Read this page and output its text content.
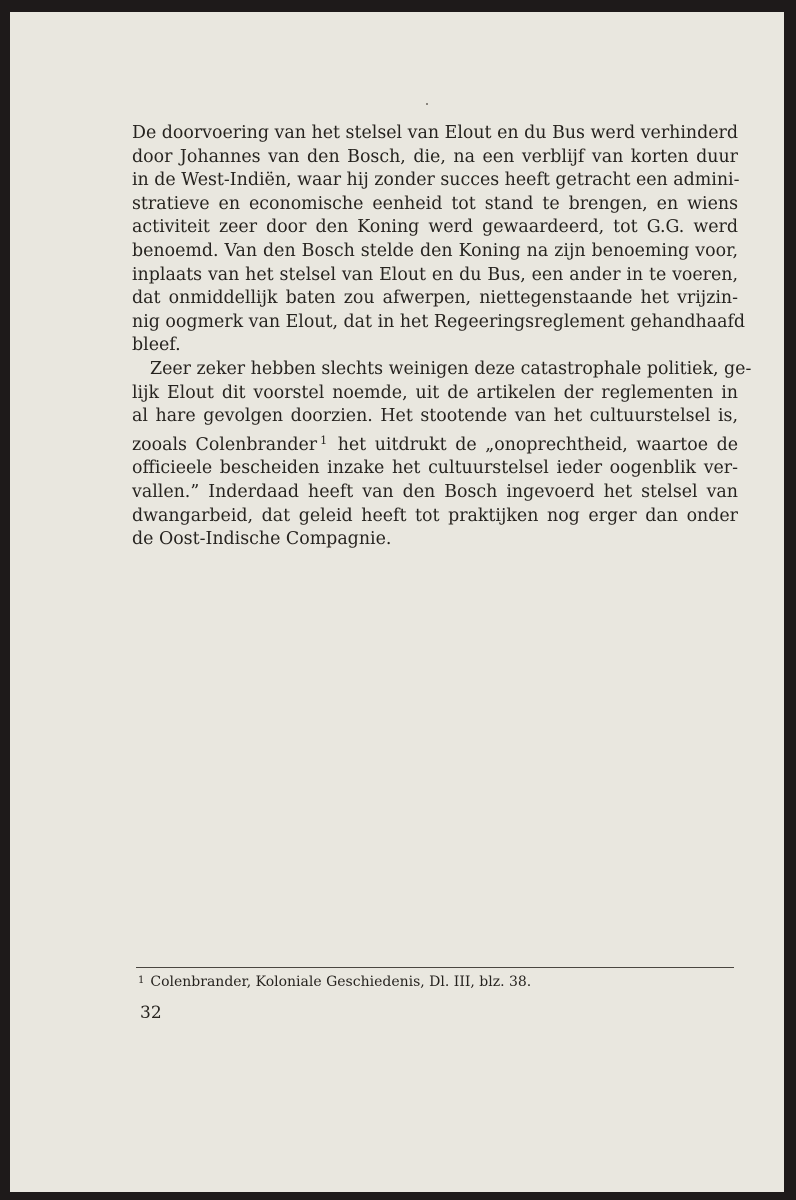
De doorvoering van het stelsel van Elout en du Bus werd verhinderd
door Johannes van den Bosch, die, na een verblijf van korten duur
in de West‑Indiën, waar hij zonder succes heeft getracht een admini‑
stratieve en economische eenheid tot stand te brengen, en wiens
activiteit zeer door den Koning werd gewaardeerd, tot G.G. werd
benoemd. Van den Bosch stelde den Koning na zijn benoeming voor,
inplaats van het stelsel van Elout en du Bus, een ander in te voeren,
dat onmiddellijk baten zou afwerpen, niettegenstaande het vrijzin‑
nig oogmerk van Elout, dat in het Regeeringsreglement gehandhaafd
bleef.
Zeer zeker hebben slechts weinigen deze catastrophale politiek, ge‑
lijk Elout dit voorstel noemde, uit de artikelen der reglementen in
al hare gevolgen doorzien. Het stootende van het cultuurstelsel is,
zooals Colenbrander $^1$ het uitdrukt de „onoprechtheid, waartoe de
officieele bescheiden inzake het cultuurstelsel ieder oogenblik ver‑
vallen.” Inderdaad heeft van den Bosch ingevoerd het stelsel van
dwangarbeid, dat geleid heeft tot praktijken nog erger dan onder
de Oost‑Indische Compagnie.
$^1$ Colenbrander, Koloniale Geschiedenis, Dl. III, blz. 38.
32
